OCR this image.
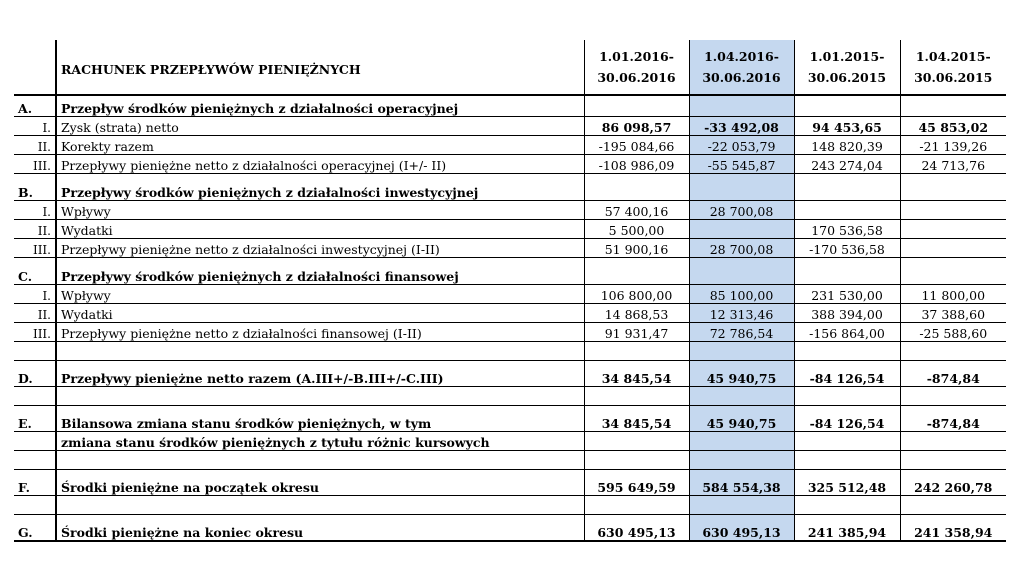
	RACHUNEK PRZEPŁYWÓW PIENIĘŻNYCH	1.01.2016-
30.06.2016	1.04.2016-
30.06.2016	1.01.2015-
30.06.2015	1.04.2015-
30.06.2015
A.	Przepływ środków pieniężnych z działalności operacyjnej				
I.	Zysk (strata) netto	86 098,57	-33 492,08	94 453,65	45 853,02
II.	Korekty razem	-195 084,66	-22 053,79	148 820,39	-21 139,26
III.	Przepływy pieniężne netto z działalności operacyjnej (I+/- II)	-108 986,09	-55 545,87	243 274,04	24 713,76
B.	Przepływy środków pieniężnych z działalności inwestycyjnej				
I.	Wpływy	57 400,16	28 700,08		
II.	Wydatki	5 500,00		170 536,58	
III.	Przepływy pieniężne netto z działalności inwestycyjnej (I-II)	51 900,16	28 700,08	-170 536,58	
C.	Przepływy środków pieniężnych z działalności finansowej				
I.	Wpływy	106 800,00	85 100,00	231 530,00	11 800,00
II.	Wydatki	14 868,53	12 313,46	388 394,00	37 388,60
III.	Przepływy pieniężne netto z działalności finansowej (I-II)	91 931,47	72 786,54	-156 864,00	-25 588,60

D.	Przepływy pieniężne netto razem (A.III+/-B.III+/-C.III)	34 845,54	45 940,75	-84 126,54	-874,84

E.	Bilansowa zmiana stanu środków pieniężnych, w tym	34 845,54	45 940,75	-84 126,54	-874,84
	zmiana stanu środków pieniężnych z tytułu różnic kursowych				

F.	Środki pieniężne na początek okresu	595 649,59	584 554,38	325 512,48	242 260,78

G.	Środki pieniężne na koniec okresu	630 495,13	630 495,13	241 385,94	241 358,94
